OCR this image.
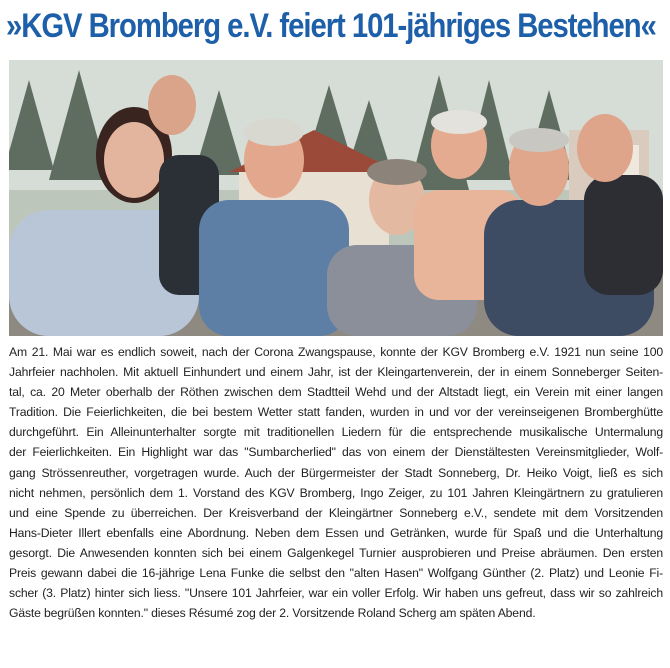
»KGV Bromberg e.V. feiert 101-jähriges Bestehen«
Am 21. Mai war es endlich soweit, nach der Corona Zwangspause, konnte der KGV Bromberg e.V. 1921 nun seine 100
Jahrfeier nachholen. Mit aktuell Einhundert und einem Jahr, ist der Kleingartenverein, der in einem Sonneberger Seiten-
tal, ca. 20 Meter oberhalb der Röthen zwischen dem Stadtteil Wehd und der Altstadt liegt, ein Verein mit einer langen
Tradition. Die Feierlichkeiten, die bei bestem Wetter statt fanden, wurden in und vor der vereinseigenen Bromberghütte
durchgeführt. Ein Alleinunterhalter sorgte mit traditionellen Liedern für die entsprechende musikalische Untermalung
der Feierlichkeiten. Ein Highlight war das "Sumbarcherlied" das von einem der Dienstältesten Vereinsmitglieder, Wolf-
gang Strössenreuther, vorgetragen wurde. Auch der Bürgermeister der Stadt Sonneberg, Dr. Heiko Voigt, ließ es sich
nicht nehmen, persönlich dem 1. Vorstand des KGV Bromberg, Ingo Zeiger, zu 101 Jahren Kleingärtnern zu gratulieren
und eine Spende zu überreichen. Der Kreisverband der Kleingärtner Sonneberg e.V., sendete mit dem Vorsitzenden
Hans-Dieter Illert ebenfalls eine Abordnung. Neben dem Essen und Getränken, wurde für Spaß und die Unterhaltung
gesorgt. Die Anwesenden konnten sich bei einem Galgenkegel Turnier ausprobieren und Preise abräumen. Den ersten
Preis gewann dabei die 16-jährige Lena Funke die selbst den "alten Hasen" Wolfgang Günther (2. Platz) und Leonie Fi-
scher (3. Platz) hinter sich liess. "Unsere 101 Jahrfeier, war ein voller Erfolg. Wir haben uns gefreut, dass wir so zahlreich
Gäste begrüßen konnten." dieses Résumé zog der 2. Vorsitzende Roland Scherg am späten Abend.
